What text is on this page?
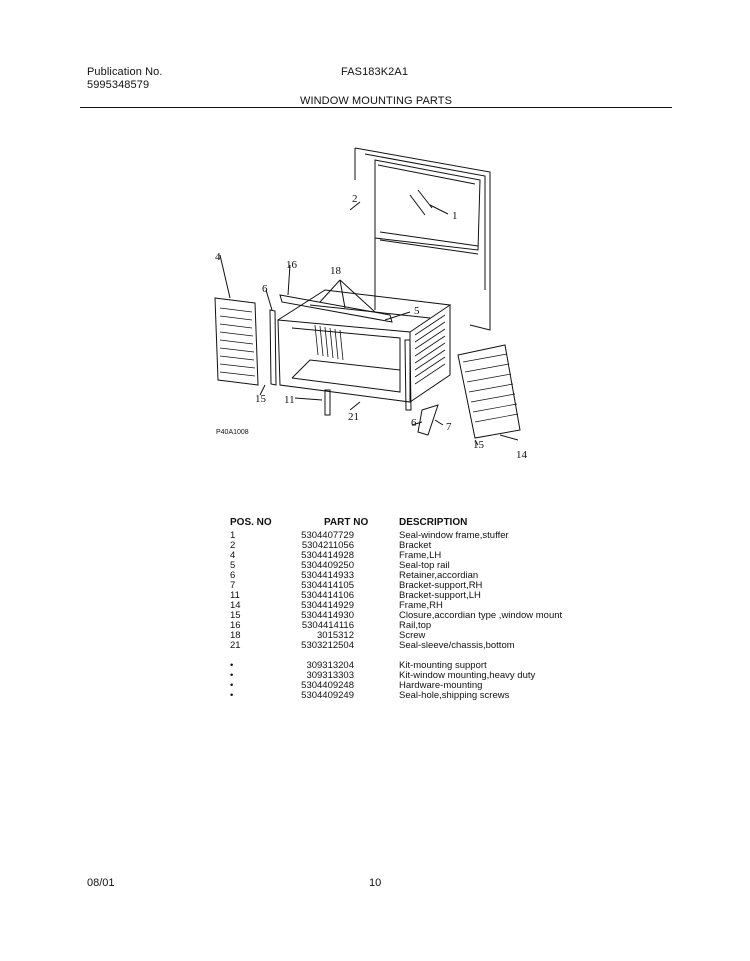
Publication No.
5995348579
FAS183K2A1
WINDOW MOUNTING PARTS
1
2
4
5
6
6	7
11
14
15
15
16	18
21
P40A1008
POS. NO	PART NO	DESCRIPTION
1	5304407729	Seal-window frame,stuffer
2	5304211056	Bracket
4	5304414928	Frame,LH
5	5304409250	Seal-top rail
6	5304414933	Retainer,accordian
7	5304414105	Bracket-support,RH
11	5304414106	Bracket-support,LH
14	5304414929	Frame,RH
15	5304414930	Closure,accordian type ,window mount
16	5304414116	Rail,top
18	3015312	Screw
21	5303212504	Seal-sleeve/chassis,bottom
•	309313204	Kit-mounting support
•	309313303	Kit-window mounting,heavy duty
•	5304409248	Hardware-mounting
•	5304409249	Seal-hole,shipping screws
08/01	10
